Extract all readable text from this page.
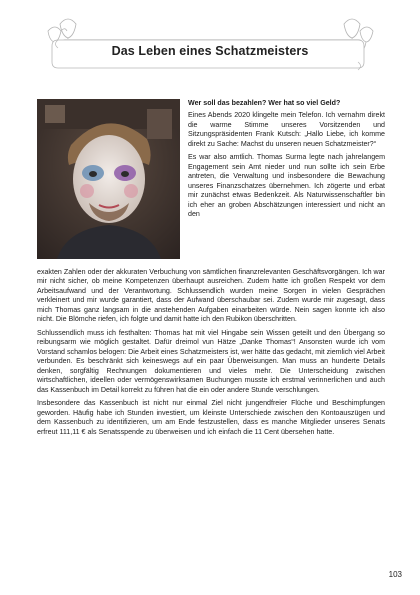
Das Leben eines Schatzmeisters

Wer soll das bezahlen? Wer hat so viel Geld?

Eines Abends 2020 klingelte mein Telefon. Ich vernahm direkt die warme Stimme unseres Vorsitzenden und Sitzungspräsidenten Frank Kutsch: „Hallo Liebe, ich komme direkt zu Sache: Machst du unseren neuen Schatzmeister?“

Es war also amtlich. Thomas Surma legte nach jahrelangem Engagement sein Amt nieder und nun sollte ich sein Erbe antreten, die Verwaltung und insbesondere die Bewachung unseres Finanzschatzes übernehmen. Ich zögerte und erbat mir zunächst etwas Bedenkzeit. Als Naturwissenschaftler bin ich eher an groben Abschätzungen interessiert und nicht an den

exakten Zahlen oder der akkuraten Verbuchung von sämtlichen finanzrelevanten Geschäftsvorgängen. Ich war mir nicht sicher, ob meine Kompetenzen überhaupt ausreichen. Zudem hatte ich großen Respekt vor dem Arbeitsaufwand und der Verantwortung. Schlussendlich wurden meine Sorgen in vielen Gesprächen verkleinert und mir wurde garantiert, dass der Aufwand überschaubar sei. Zudem wurde mir zugesagt, dass mich Thomas ganz langsam in die anstehenden Aufgaben einarbeiten würde. Nein sagen konnte ich also nicht. Die Blömche riefen, ich folgte und damit hatte ich den Rubikon überschritten.

Schlussendlich muss ich festhalten: Thomas hat mit viel Hingabe sein Wissen geteilt und den Übergang so reibungsarm wie möglich gestaltet. Dafür dreimol vun Hätze „Danke Thomas“! Ansonsten wurde ich vom Vorstand schamlos belogen: Die Arbeit eines Schatzmeisters ist, wer hätte das gedacht, mit ziemlich viel Arbeit verbunden. Es beschränkt sich keineswegs auf ein paar Überweisungen. Man muss an hunderte Details denken, sorgfältig Rechnungen dokumentieren und vieles mehr. Die Unterscheidung zwischen wirtschaftlichen, ideellen oder vermögenswirksamen Buchungen musste ich erstmal verinnerlichen und auch das Kassenbuch im Detail korrekt zu führen hat die ein oder andere Stunde verschlungen.

Insbesondere das Kassenbuch ist nicht nur einmal Ziel nicht jungendfreier Flüche und Beschimpfungen geworden. Häufig habe ich Stunden investiert, um kleinste Unterschiede zwischen den Kontoauszügen und dem Kassenbuch zu identifizieren, um am Ende festzustellen, dass es manche Mitglieder unseres Senats erfreut 111,11 € als Senatsspende zu überweisen und ich einfach die 11 Cent übersehen hatte.

103
